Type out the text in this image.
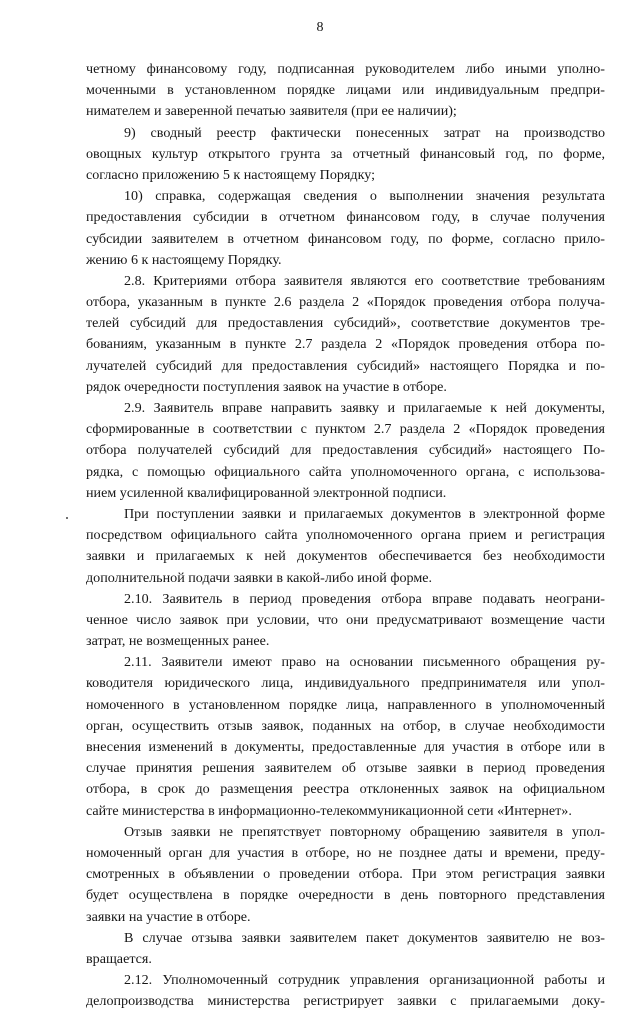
8
четному финансовому году, подписанная руководителем либо иными уполно-
моченными в установленном порядке лицами или индивидуальным предпри-
нимателем и заверенной печатью заявителя (при ее наличии);
9) сводный реестр фактически понесенных затрат на производство
овощных культур открытого грунта за отчетный финансовый год, по форме,
согласно приложению 5 к настоящему Порядку;
10) справка, содержащая сведения о выполнении значения результата
предоставления субсидии в отчетном финансовом году, в случае получения
субсидии заявителем в отчетном финансовом году, по форме, согласно прило-
жению 6 к настоящему Порядку.
2.8. Критериями отбора заявителя являются его соответствие требованиям
отбора, указанным в пункте 2.6 раздела 2 «Порядок проведения отбора получа-
телей субсидий для предоставления субсидий», соответствие документов тре-
бованиям, указанным в пункте 2.7 раздела 2 «Порядок проведения отбора по-
лучателей субсидий для предоставления субсидий» настоящего Порядка и по-
рядок очередности поступления заявок на участие в отборе.
2.9. Заявитель вправе направить заявку и прилагаемые к ней документы,
сформированные в соответствии с пунктом 2.7 раздела 2 «Порядок проведения
отбора получателей субсидий для предоставления субсидий» настоящего По-
рядка, с помощью официального сайта уполномоченного органа, с использова-
нием усиленной квалифицированной электронной подписи.
При поступлении заявки и прилагаемых документов в электронной форме
посредством официального сайта уполномоченного органа прием и регистрация
заявки и прилагаемых к ней документов обеспечивается без необходимости
дополнительной подачи заявки в какой-либо иной форме.
2.10. Заявитель в период проведения отбора вправе подавать неограни-
ченное число заявок при условии, что они предусматривают возмещение части
затрат, не возмещенных ранее.
2.11. Заявители имеют право на основании письменного обращения ру-
ководителя юридического лица, индивидуального предпринимателя или упол-
номоченного в установленном порядке лица, направленного в уполномоченный
орган, осуществить отзыв заявок, поданных на отбор, в случае необходимости
внесения изменений в документы, предоставленные для участия в отборе или в
случае принятия решения заявителем об отзыве заявки в период проведения
отбора, в срок до размещения реестра отклоненных заявок на официальном
сайте министерства в информационно-телекоммуникационной сети «Интернет».
Отзыв заявки не препятствует повторному обращению заявителя в упол-
номоченный орган для участия в отборе, но не позднее даты и времени, преду-
смотренных в объявлении о проведении отбора. При этом регистрация заявки
будет осуществлена в порядке очередности в день повторного представления
заявки на участие в отборе.
В случае отзыва заявки заявителем пакет документов заявителю не воз-
вращается.
2.12. Уполномоченный сотрудник управления организационной работы и
делопроизводства министерства регистрирует заявки с прилагаемыми доку-
